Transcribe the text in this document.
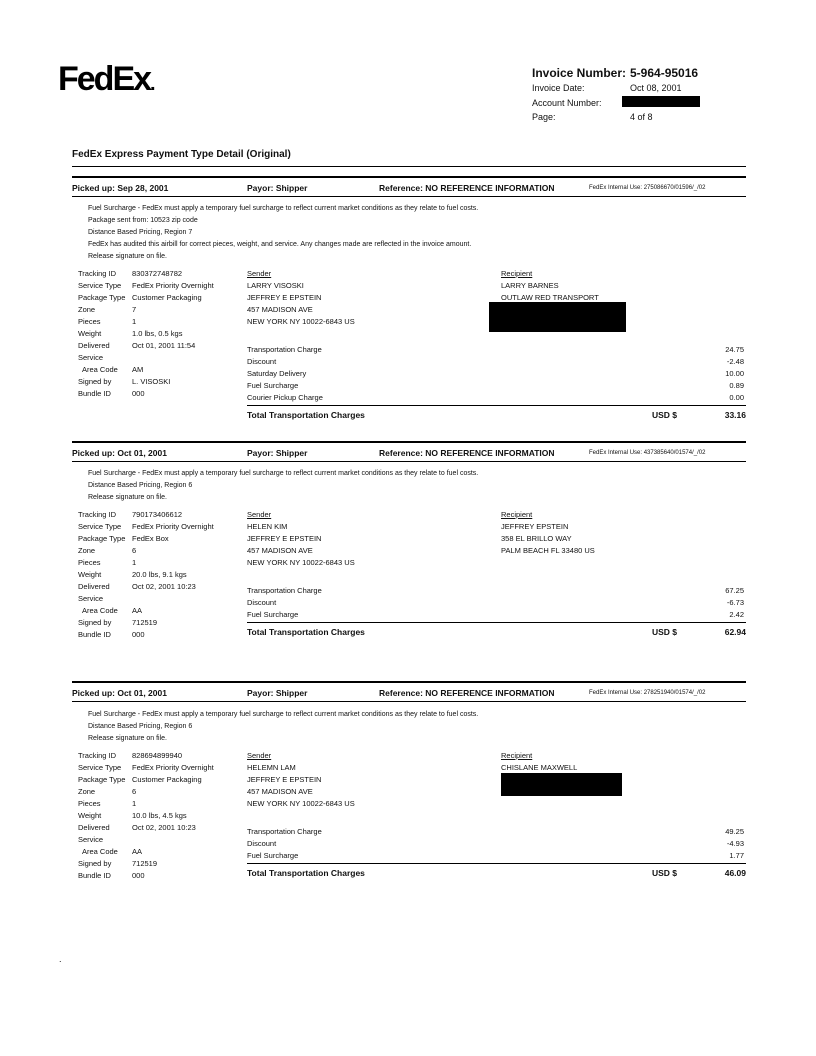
FedEx.	Invoice Number: 5-964-95016
Invoice Date:	Oct 08, 2001
Account Number:
Page:	4 of 8
FedEx Express Payment Type Detail (Original)
Picked up: Sep 28, 2001	Payor: Shipper	Reference: NO REFERENCE INFORMATION	FedEx Internal Use: 275086670/01596/_/02
Fuel Surcharge - FedEx must apply a temporary fuel surcharge to reflect current market conditions as they relate to fuel costs.
Package sent from: 10523 zip code
Distance Based Pricing, Region 7
FedEx has audited this airbill for correct pieces, weight, and service. Any changes made are reflected in the invoice amount.
Release signature on file.
Tracking ID 830372748782
Service Type FedEx Priority Overnight
Package Type Customer Packaging
Zone	7
Pieces	1
Weight	1.0 lbs, 0.5 kgs
Delivered	Oct 01, 2001 11:54
Service
Area Code AM
Signed by	L. VISOSKI
Bundle ID	000
Sender
LARRY VISOSKI
JEFFREY E EPSTEIN
457 MADISON AVE
NEW YORK NY 10022-6843 US
Recipient
LARRY BARNES
OUTLAW RED TRANSPORT
Transportation Charge	24.75
Discount	-2.48
Saturday Delivery	10.00
Fuel Surcharge	0.89
Courier Pickup Charge	0.00
Total Transportation Charges	USD $	33.16
Picked up: Oct 01, 2001	Payor: Shipper	Reference: NO REFERENCE INFORMATION	FedEx Internal Use: 437385640/01574/_/02
Fuel Surcharge - FedEx must apply a temporary fuel surcharge to reflect current market conditions as they relate to fuel costs.
Distance Based Pricing, Region 6
Release signature on file.
Tracking ID 790173406612
Service Type FedEx Priority Overnight
Package Type FedEx Box
Zone	6
Pieces	1
Weight	20.0 lbs, 9.1 kgs
Delivered	Oct 02, 2001 10:23
Service
Area Code AA
Signed by	712519
Bundle ID	000
Sender
HELEN KIM
JEFFREY E EPSTEIN
457 MADISON AVE
NEW YORK NY 10022-6843 US
Recipient
JEFFREY EPSTEIN
358 EL BRILLO WAY
PALM BEACH FL 33480 US
Transportation Charge	67.25
Discount	-6.73
Fuel Surcharge	2.42
Total Transportation Charges	USD $	62.94
Picked up: Oct 01, 2001	Payor: Shipper	Reference: NO REFERENCE INFORMATION	FedEx Internal Use: 278251940/01574/_/02
Fuel Surcharge - FedEx must apply a temporary fuel surcharge to reflect current market conditions as they relate to fuel costs.
Distance Based Pricing, Region 6
Release signature on file.
Tracking ID 828694899940
Service Type FedEx Priority Overnight
Package Type Customer Packaging
Zone	6
Pieces	1
Weight	10.0 lbs, 4.5 kgs
Delivered	Oct 02, 2001 10:23
Service
Area Code AA
Signed by	712519
Bundle ID	000
Sender
HELEMN LAM
JEFFREY E EPSTEIN
457 MADISON AVE
NEW YORK NY 10022-6843 US
Recipient
CHISLANE MAXWELL
Transportation Charge	49.25
Discount	-4.93
Fuel Surcharge	1.77
Total Transportation Charges	USD $	46.09
.
